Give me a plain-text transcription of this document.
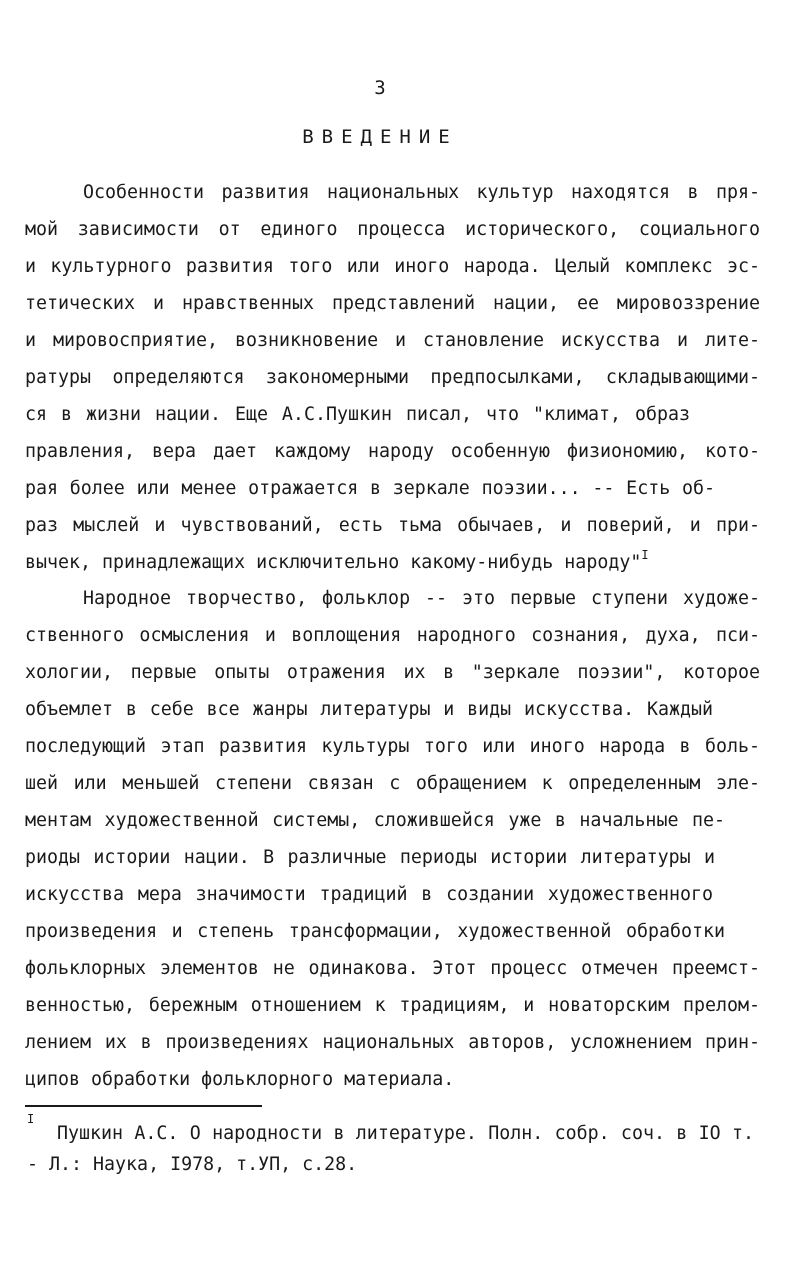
3
ВВЕДЕНИЕ
Особенности развития национальных культур находятся в пря-
мой зависимости от единого процесса исторического, социального
и культурного развития того или иного народа. Целый комплекс эс-
тетических и нравственных представлений нации, ее мировоззрение
и мировосприятие, возникновение и становление искусства и лите-
ратуры определяются закономерными предпосылками, складывающими-
ся в жизни нации. Еще А.С.Пушкин писал, что "климат, образ
правления, вера дает каждому народу особенную физиономию, кото-
рая более или менее отражается в зеркале поэзии... -- Есть об-
раз мыслей и чувствований, есть тьма обычаев, и поверий, и при-
вычек, принадлежащих исключительно какому-нибудь народу"$^I$
Народное творчество, фольклор -- это первые ступени художе-
ственного осмысления и воплощения народного сознания, духа, пси-
хологии, первые опыты отражения их в "зеркале поэзии", которое
объемлет в себе все жанры литературы и виды искусства. Каждый
последующий этап развития культуры того или иного народа в боль-
шей или меньшей степени связан с обращением к определенным эле-
ментам художественной системы, сложившейся уже в начальные пе-
риоды истории нации. В различные периоды истории литературы и
искусства мера значимости традиций в создании художественного
произведения и степень трансформации, художественной обработки
фольклорных элементов не одинакова. Этот процесс отмечен преемст-
венностью, бережным отношением к традициям, и новаторским прелом-
лением их в произведениях национальных авторов, усложнением прин-
ципов обработки фольклорного материала.
I
Пушкин А.С. О народности в литературе. Полн. собр. соч. в IO т.
- Л.: Наука, I978, т.УП, с.28.
